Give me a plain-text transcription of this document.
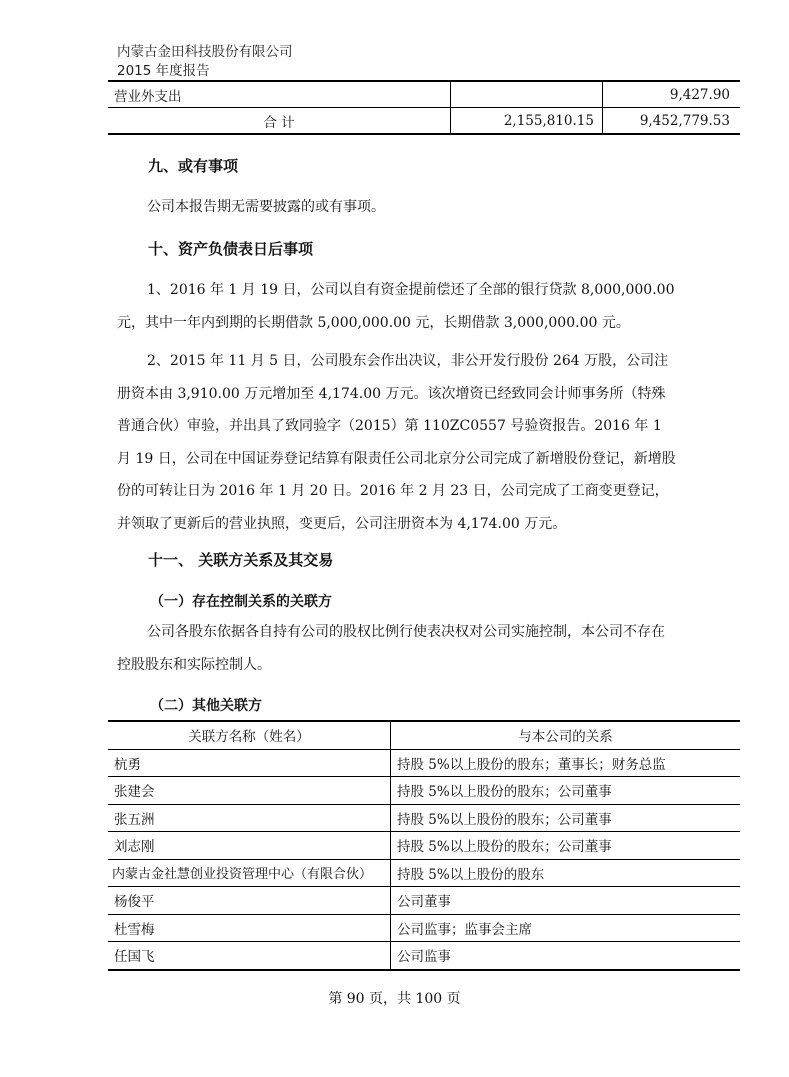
内蒙古金田科技股份有限公司
2015 年度报告
营业外支出		9,427.90
合 计	2,155,810.15	9,452,779.53
九、或有事项
公司本报告期无需要披露的或有事项。
十、资产负债表日后事项

1、2016 年 1 月 19 日，公司以自有资金提前偿还了全部的银行贷款 8,000,000.00 元，其中一年内到期的长期借款 5,000,000.00 元，长期借款 3,000,000.00 元。

2、2015 年 11 月 5 日，公司股东会作出决议，非公开发行股份 264 万股，公司注册资本由 3,910.00 万元增加至 4,174.00 万元。该次增资已经致同会计师事务所（特殊普通合伙）审验，并出具了致同验字（2015）第 110ZC0557 号验资报告。2016 年 1 月 19 日，公司在中国证券登记结算有限责任公司北京分公司完成了新增股份登记，新增股份的可转让日为 2016 年 1 月 20 日。2016 年 2 月 23 日，公司完成了工商变更登记，并领取了更新后的营业执照，变更后，公司注册资本为 4,174.00 万元。

十一、 关联方关系及其交易
（一）存在控制关系的关联方

公司各股东依据各自持有公司的股权比例行使表决权对公司实施控制，本公司不存在控股股东和实际控制人。

（二）其他关联方
关联方名称（姓名）	与本公司的关系
杭勇	持股 5%以上股份的股东；董事长；财务总监
张建会	持股 5%以上股份的股东；公司董事
张五洲	持股 5%以上股份的股东；公司董事
刘志刚	持股 5%以上股份的股东；公司董事
内蒙古金社慧创业投资管理中心（有限合伙）	持股 5%以上股份的股东
杨俊平	公司董事
杜雪梅	公司监事；监事会主席
任国飞	公司监事
第 90 页，共 100 页
